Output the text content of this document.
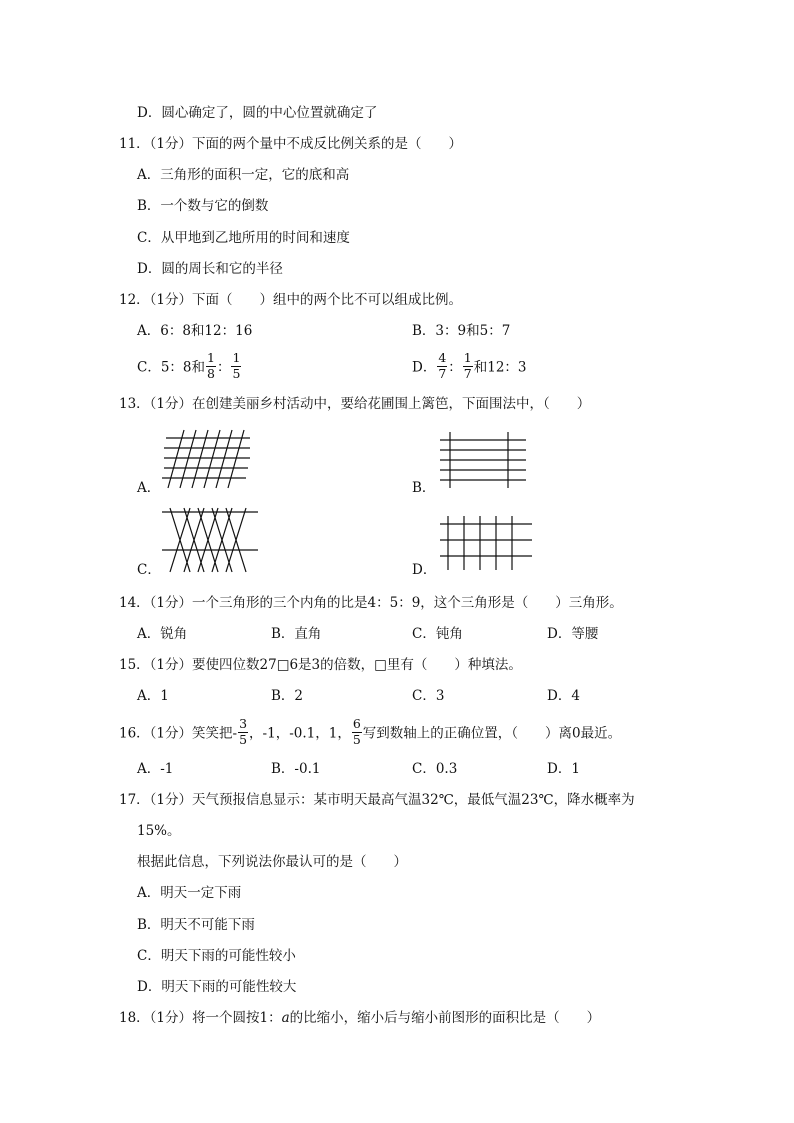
D．圆心确定了，圆的中心位置就确定了
11．（1分）下面的两个量中不成反比例关系的是（　　）
A．三角形的面积一定，它的底和高
B．一个数与它的倒数
C．从甲地到乙地所用的时间和速度
D．圆的周长和它的半径
12．（1分）下面（　　）组中的两个比不可以组成比例。
A．6：8和12：16	B．3：9和5：7
C．5：8和 $\frac{1}{8}$ ： $\frac{1}{5}$	D． $\frac{4}{7}$ ： $\frac{1}{7}$ 和12：3
13．（1分）在创建美丽乡村活动中，要给花圃围上篱笆，下面围法中，（　　）
A．	B．
C．	D．
14．（1分）一个三角形的三个内角的比是4：5：9，这个三角形是（　　）三角形。
A．锐角	B．直角	C．钝角	D．等腰
15．（1分）要使四位数27□6是3的倍数，□里有（　　）种填法。
A．1	B．2	C．3	D．4
16．（1分）笑笑把- $\frac{3}{5}$ ，-1，-0.1，1， $\frac{6}{5}$ 写到数轴上的正确位置，（　　）离0最近。
A．-1	B．-0.1	C．0.3	D．1
17．（1分）天气预报信息显示：某市明天最高气温32℃，最低气温23℃，降水概率为
15%。
根据此信息，下列说法你最认可的是（　　）
A．明天一定下雨
B．明天不可能下雨
C．明天下雨的可能性较小
D．明天下雨的可能性较大
18．（1分）将一个圆按1：a的比缩小，缩小后与缩小前图形的面积比是（　　）
